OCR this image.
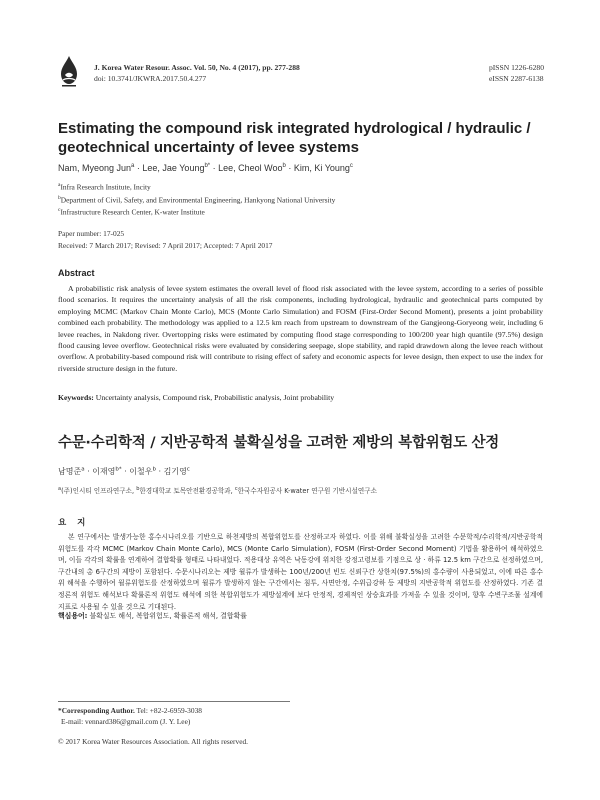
J. Korea Water Resour. Assoc. Vol. 50, No. 4 (2017), pp. 277-288
doi: 10.3741/JKWRA.2017.50.4.277
pISSN 1226-6280
eISSN 2287-6138
Estimating the compound risk integrated hydrological / hydraulic / geotechnical uncertainty of levee systems
Nam, Myeong Jun$^a$ · Lee, Jae Young$^{b*}$ · Lee, Cheol Woo$^b$ · Kim, Ki Young$^c$
$^a$Infra Research Institute, Incity
$^b$Department of Civil, Safety, and Environmental Engineering, Hankyong National University
$^c$Infrastructure Research Center, K-water Institute
Paper number: 17-025
Received: 7 March 2017; Revised: 7 April 2017; Accepted: 7 April 2017
Abstract
A probabilistic risk analysis of levee system estimates the overall level of flood risk associated with the levee system, according to a series of possible flood scenarios. It requires the uncertainty analysis of all the risk components, including hydrological, hydraulic and geotechnical parts computed by employing MCMC (Markov Chain Monte Carlo), MCS (Monte Carlo Simulation) and FOSM (First-Order Second Moment), presents a joint probability combined each probability. The methodology was applied to a 12.5 km reach from upstream to downstream of the Gangjeong-Goryeong weir, including 6 levee reaches, in Nakdong river. Overtopping risks were estimated by computing flood stage corresponding to 100/200 year high quantile (97.5%) design flood causing levee overflow. Geotechnical risks were evaluated by considering seepage, slope stability, and rapid drawdown along the levee reach without overflow. A probability-based compound risk will contribute to rising effect of safety and economic aspects for levee design, then expect to use the index for riverside structure design in the future.
Keywords: Uncertainty analysis, Compound risk, Probabilistic analysis, Joint probability
수문·수리학적 / 지반공학적 불확실성을 고려한 제방의 복합위험도 산정
남명준$^a$ · 이재영$^{b*}$ · 이철우$^b$ · 김기영$^c$
$^a$(주)인시티 인프라연구소, $^b$한경대학교 토목안전환경공학과, $^c$한국수자원공사 K-water 연구원 기반시설연구소
요 지
본 연구에서는 발생가능한 홍수시나리오를 기반으로 하천제방의 복합위험도를 산정하고자 하였다. 이를 위해 불확실성을 고려한 수문학적/수리학적/지반공학적 위험도를 각각 MCMC (Markov Chain Monte Carlo), MCS (Monte Carlo Simulation), FOSM (First-Order Second Moment) 기법을 활용하여 해석하였으며, 이들 각각의 확률을 연계하여 결합확률 형태로 나타내었다. 적용대상 유역은 낙동강에 위치한 강정고령보를 기점으로 상 · 하류 12.5 km 구간으로 선정하였으며, 구간내의 총 6구간의 제방이 포함된다. 수문시나리오는 제방 월류가 발생하는 100년/200년 빈도 신뢰구간 상한치(97.5%)의 홍수량이 사용되었고, 이에 따른 홍수위 해석을 수행하여 월류위험도를 산정하였으며 월류가 발생하지 않는 구간에서는 침투, 사면안정, 수위급강하 등 제방의 지반공학적 위험도를 산정하였다. 기존 결정론적 위험도 해석보다 확률론적 위험도 해석에 의한 복합위험도가 제방설계에 보다 안정적, 경제적인 상승효과를 가져올 수 있을 것이며, 향후 수변구조물 설계에 지표로 사용될 수 있을 것으로 기대된다.
핵심용어: 불확실도 해석, 복합위험도, 확률론적 해석, 결합확률
*Corresponding Author. Tel: +82-2-6959-3038
E-mail: vennard386@gmail.com (J. Y. Lee)
© 2017 Korea Water Resources Association. All rights reserved.
